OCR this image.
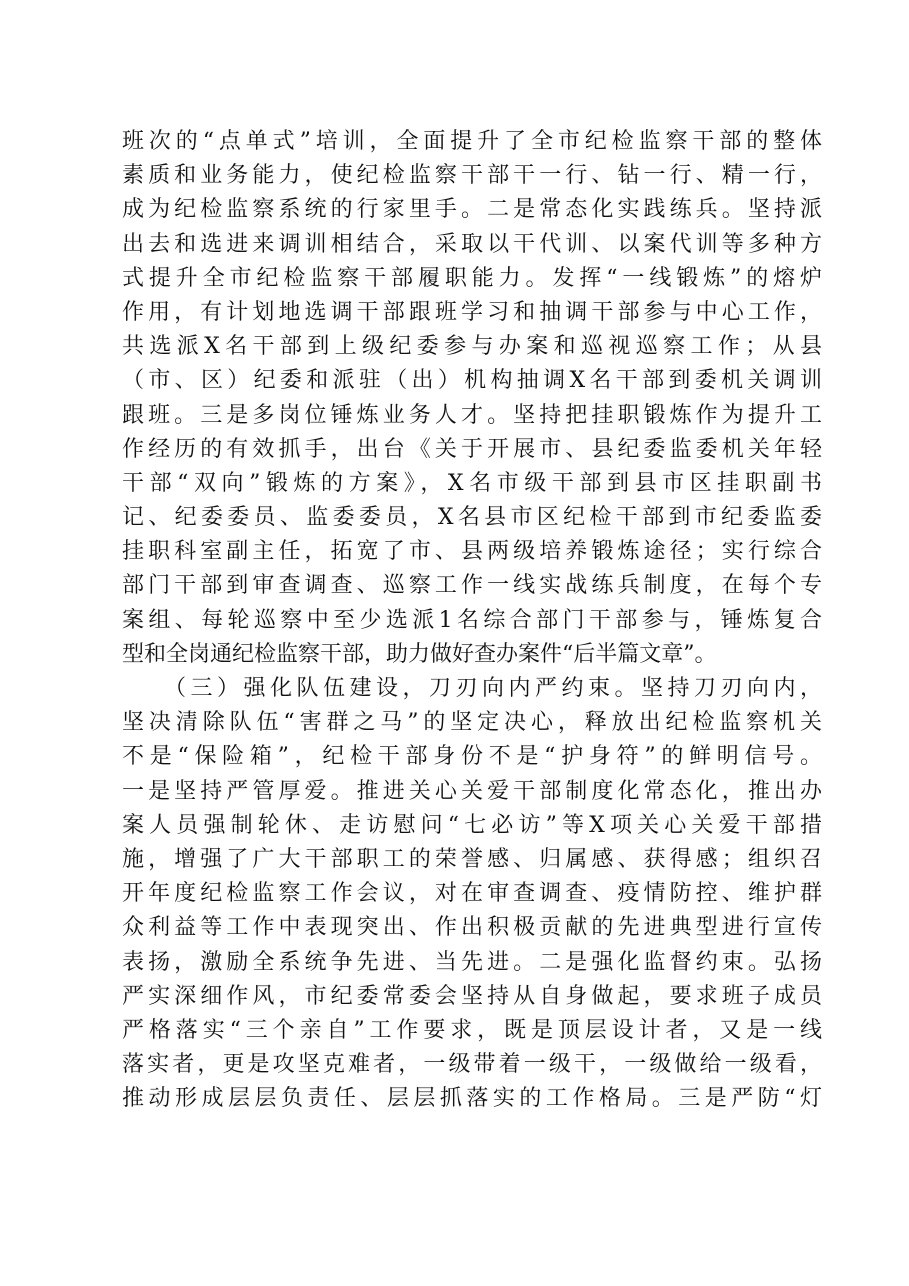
班次的“点单式”培训，全面提升了全市纪检监察干部的整体
素质和业务能力，使纪检监察干部干一行、钻一行、精一行，
成为纪检监察系统的行家里手。二是常态化实践练兵。坚持派
出去和选进来调训相结合，采取以干代训、以案代训等多种方
式提升全市纪检监察干部履职能力。发挥“一线锻炼”的熔炉
作用，有计划地选调干部跟班学习和抽调干部参与中心工作，
共选派X名干部到上级纪委参与办案和巡视巡察工作；从县
（市、区）纪委和派驻（出）机构抽调X名干部到委机关调训
跟班。三是多岗位锤炼业务人才。坚持把挂职锻炼作为提升工
作经历的有效抓手，出台《关于开展市、县纪委监委机关年轻
干部“双向”锻炼的方案》，X名市级干部到县市区挂职副书
记、纪委委员、监委委员，X名县市区纪检干部到市纪委监委
挂职科室副主任，拓宽了市、县两级培养锻炼途径；实行综合
部门干部到审查调查、巡察工作一线实战练兵制度，在每个专
案组、每轮巡察中至少选派1名综合部门干部参与，锤炼复合
型和全岗通纪检监察干部，助力做好查办案件“后半篇文章”。
　　（三）强化队伍建设，刀刃向内严约束。坚持刀刃向内，
坚决清除队伍“害群之马”的坚定决心，释放出纪检监察机关
不是“保险箱”，纪检干部身份不是“护身符”的鲜明信号。
一是坚持严管厚爱。推进关心关爱干部制度化常态化，推出办
案人员强制轮休、走访慰问“七必访”等X项关心关爱干部措
施，增强了广大干部职工的荣誉感、归属感、获得感；组织召
开年度纪检监察工作会议，对在审查调查、疫情防控、维护群
众利益等工作中表现突出、作出积极贡献的先进典型进行宣传
表扬，激励全系统争先进、当先进。二是强化监督约束。弘扬
严实深细作风，市纪委常委会坚持从自身做起，要求班子成员
严格落实“三个亲自”工作要求，既是顶层设计者，又是一线
落实者，更是攻坚克难者，一级带着一级干，一级做给一级看，
推动形成层层负责任、层层抓落实的工作格局。三是严防“灯
